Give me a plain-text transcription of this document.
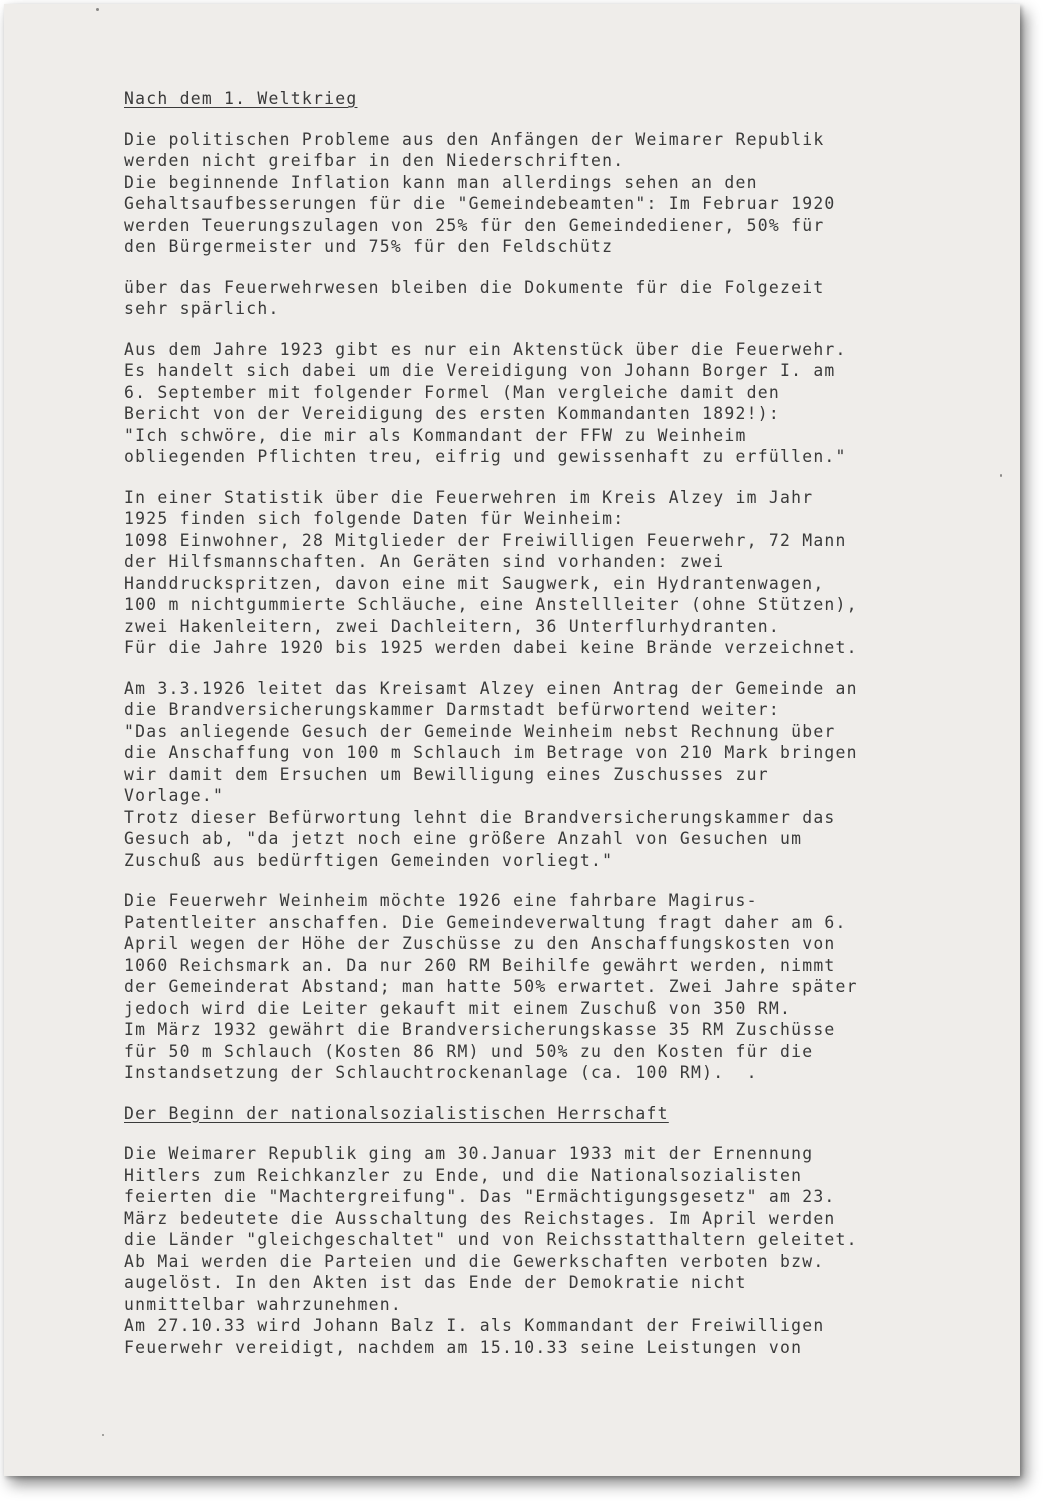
Nach dem 1. Weltkrieg
Die politischen Probleme aus den Anfängen der Weimarer Republik
werden nicht greifbar in den Niederschriften.
Die beginnende Inflation kann man allerdings sehen an den
Gehaltsaufbesserungen für die "Gemeindebeamten": Im Februar 1920
werden Teuerungszulagen von 25% für den Gemeindediener, 50% für
den Bürgermeister und 75% für den Feldschütz
über das Feuerwehrwesen bleiben die Dokumente für die Folgezeit
sehr spärlich.
Aus dem Jahre 1923 gibt es nur ein Aktenstück über die Feuerwehr.
Es handelt sich dabei um die Vereidigung von Johann Borger I. am
6. September mit folgender Formel (Man vergleiche damit den
Bericht von der Vereidigung des ersten Kommandanten 1892!):
"Ich schwöre, die mir als Kommandant der FFW zu Weinheim
obliegenden Pflichten treu, eifrig und gewissenhaft zu erfüllen."
In einer Statistik über die Feuerwehren im Kreis Alzey im Jahr
1925 finden sich folgende Daten für Weinheim:
1098 Einwohner, 28 Mitglieder der Freiwilligen Feuerwehr, 72 Mann
der Hilfsmannschaften. An Geräten sind vorhanden: zwei
Handdruckspritzen, davon eine mit Saugwerk, ein Hydrantenwagen,
100 m nichtgummierte Schläuche, eine Anstellleiter (ohne Stützen),
zwei Hakenleitern, zwei Dachleitern, 36 Unterflurhydranten.
Für die Jahre 1920 bis 1925 werden dabei keine Brände verzeichnet.
Am 3.3.1926 leitet das Kreisamt Alzey einen Antrag der Gemeinde an
die Brandversicherungskammer Darmstadt befürwortend weiter:
"Das anliegende Gesuch der Gemeinde Weinheim nebst Rechnung über
die Anschaffung von 100 m Schlauch im Betrage von 210 Mark bringen
wir damit dem Ersuchen um Bewilligung eines Zuschusses zur
Vorlage."
Trotz dieser Befürwortung lehnt die Brandversicherungskammer das
Gesuch ab, "da jetzt noch eine größere Anzahl von Gesuchen um
Zuschuß aus bedürftigen Gemeinden vorliegt."
Die Feuerwehr Weinheim möchte 1926 eine fahrbare Magirus-
Patentleiter anschaffen. Die Gemeindeverwaltung fragt daher am 6.
April wegen der Höhe der Zuschüsse zu den Anschaffungskosten von
1060 Reichsmark an. Da nur 260 RM Beihilfe gewährt werden, nimmt
der Gemeinderat Abstand; man hatte 50% erwartet. Zwei Jahre später
jedoch wird die Leiter gekauft mit einem Zuschuß von 350 RM.
Im März 1932 gewährt die Brandversicherungskasse 35 RM Zuschüsse
für 50 m Schlauch (Kosten 86 RM) und 50% zu den Kosten für die
Instandsetzung der Schlauchtrockenanlage (ca. 100 RM).  .
Der Beginn der nationalsozialistischen Herrschaft
Die Weimarer Republik ging am 30.Januar 1933 mit der Ernennung
Hitlers zum Reichkanzler zu Ende, und die Nationalsozialisten
feierten die "Machtergreifung". Das "Ermächtigungsgesetz" am 23.
März bedeutete die Ausschaltung des Reichstages. Im April werden
die Länder "gleichgeschaltet" und von Reichsstatthaltern geleitet.
Ab Mai werden die Parteien und die Gewerkschaften verboten bzw.
augelöst. In den Akten ist das Ende der Demokratie nicht
unmittelbar wahrzunehmen.
Am 27.10.33 wird Johann Balz I. als Kommandant der Freiwilligen
Feuerwehr vereidigt, nachdem am 15.10.33 seine Leistungen von
